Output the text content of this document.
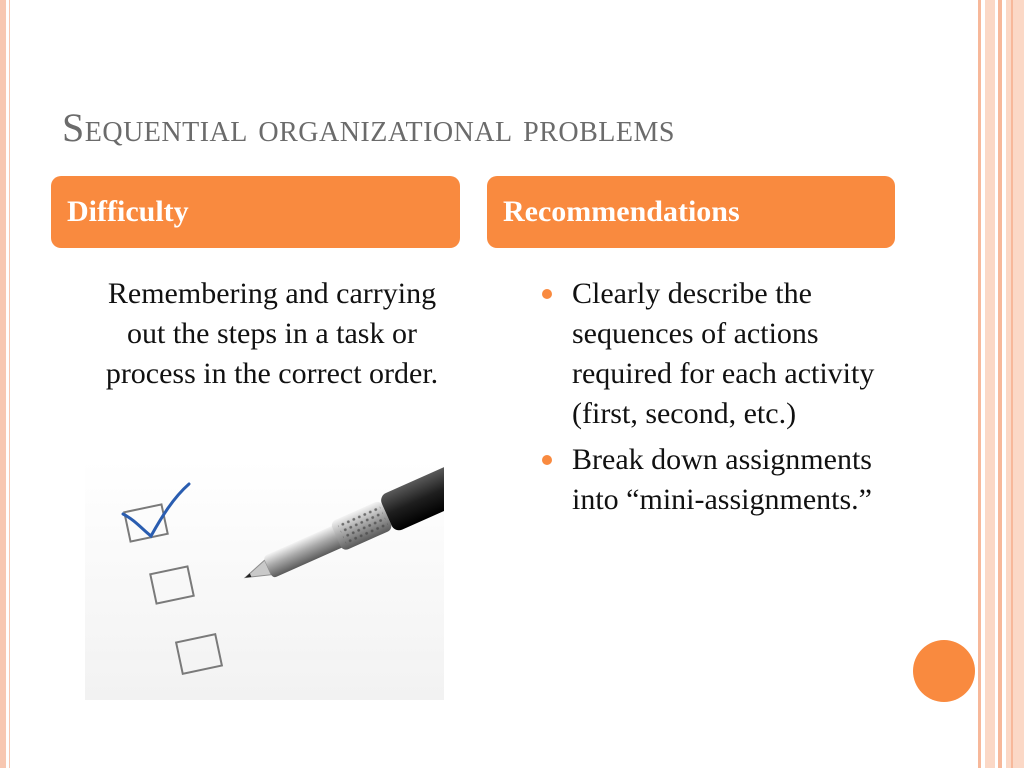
Sequential organizational problems
Difficulty	Recommendations
Remembering and carrying out the steps in a task or process in the correct order.
Clearly describe the sequences of actions required for each activity (first, second, etc.)
Break down assignments into “mini-assignments.”
